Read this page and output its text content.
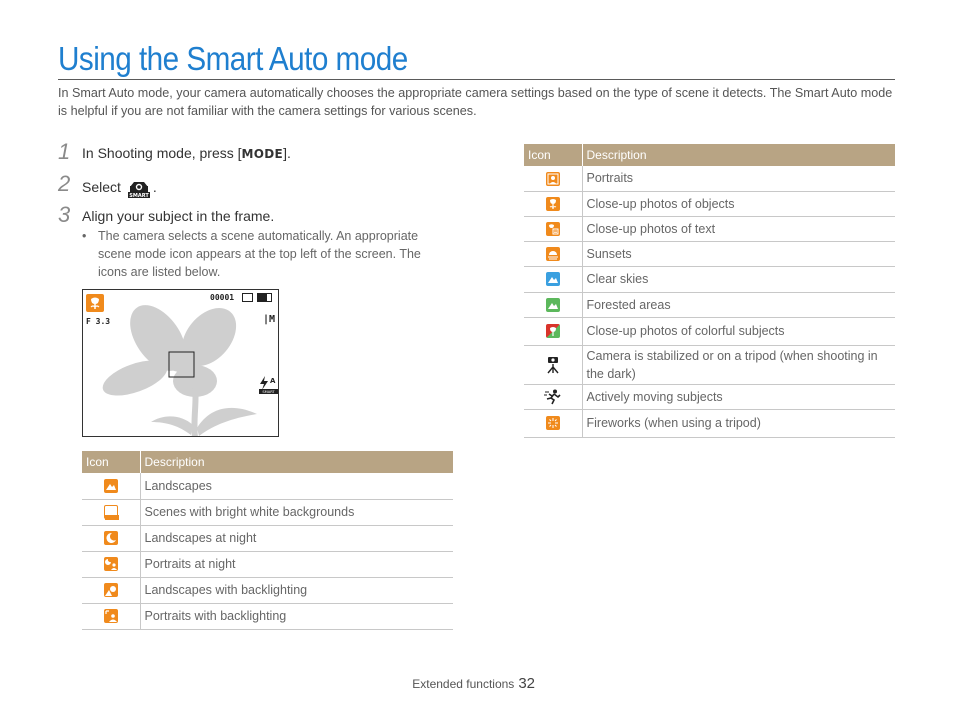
Using the Smart Auto mode

In Smart Auto mode, your camera automatically chooses the appropriate camera settings based on the type of scene it detects. The Smart Auto mode is helpful if you are not familiar with the camera settings for various scenes.

1 In Shooting mode, press [MODE].
2 Select
SMART
.
3 Align your subject in the frame.
• The camera selects a scene automatically. An appropriate scene mode icon appears at the top left of the screen. The icons are listed below.
00001
F 3.3	|M
A
SMART
Icon	Description

	Landscapes

	Scenes with bright white backgrounds

	Landscapes at night

	Portraits at night

	Landscapes with backlighting

	Portraits with backlighting
Icon	Description

	Portraits

	Close-up photos of objects

	Close-up photos of text

	Sunsets

	Clear skies

	Forested areas

	Close-up photos of colorful subjects

	Camera is stabilized or on a tripod (when shooting in the dark)

	Actively moving subjects

	Fireworks (when using a tripod)
Extended functions 32
